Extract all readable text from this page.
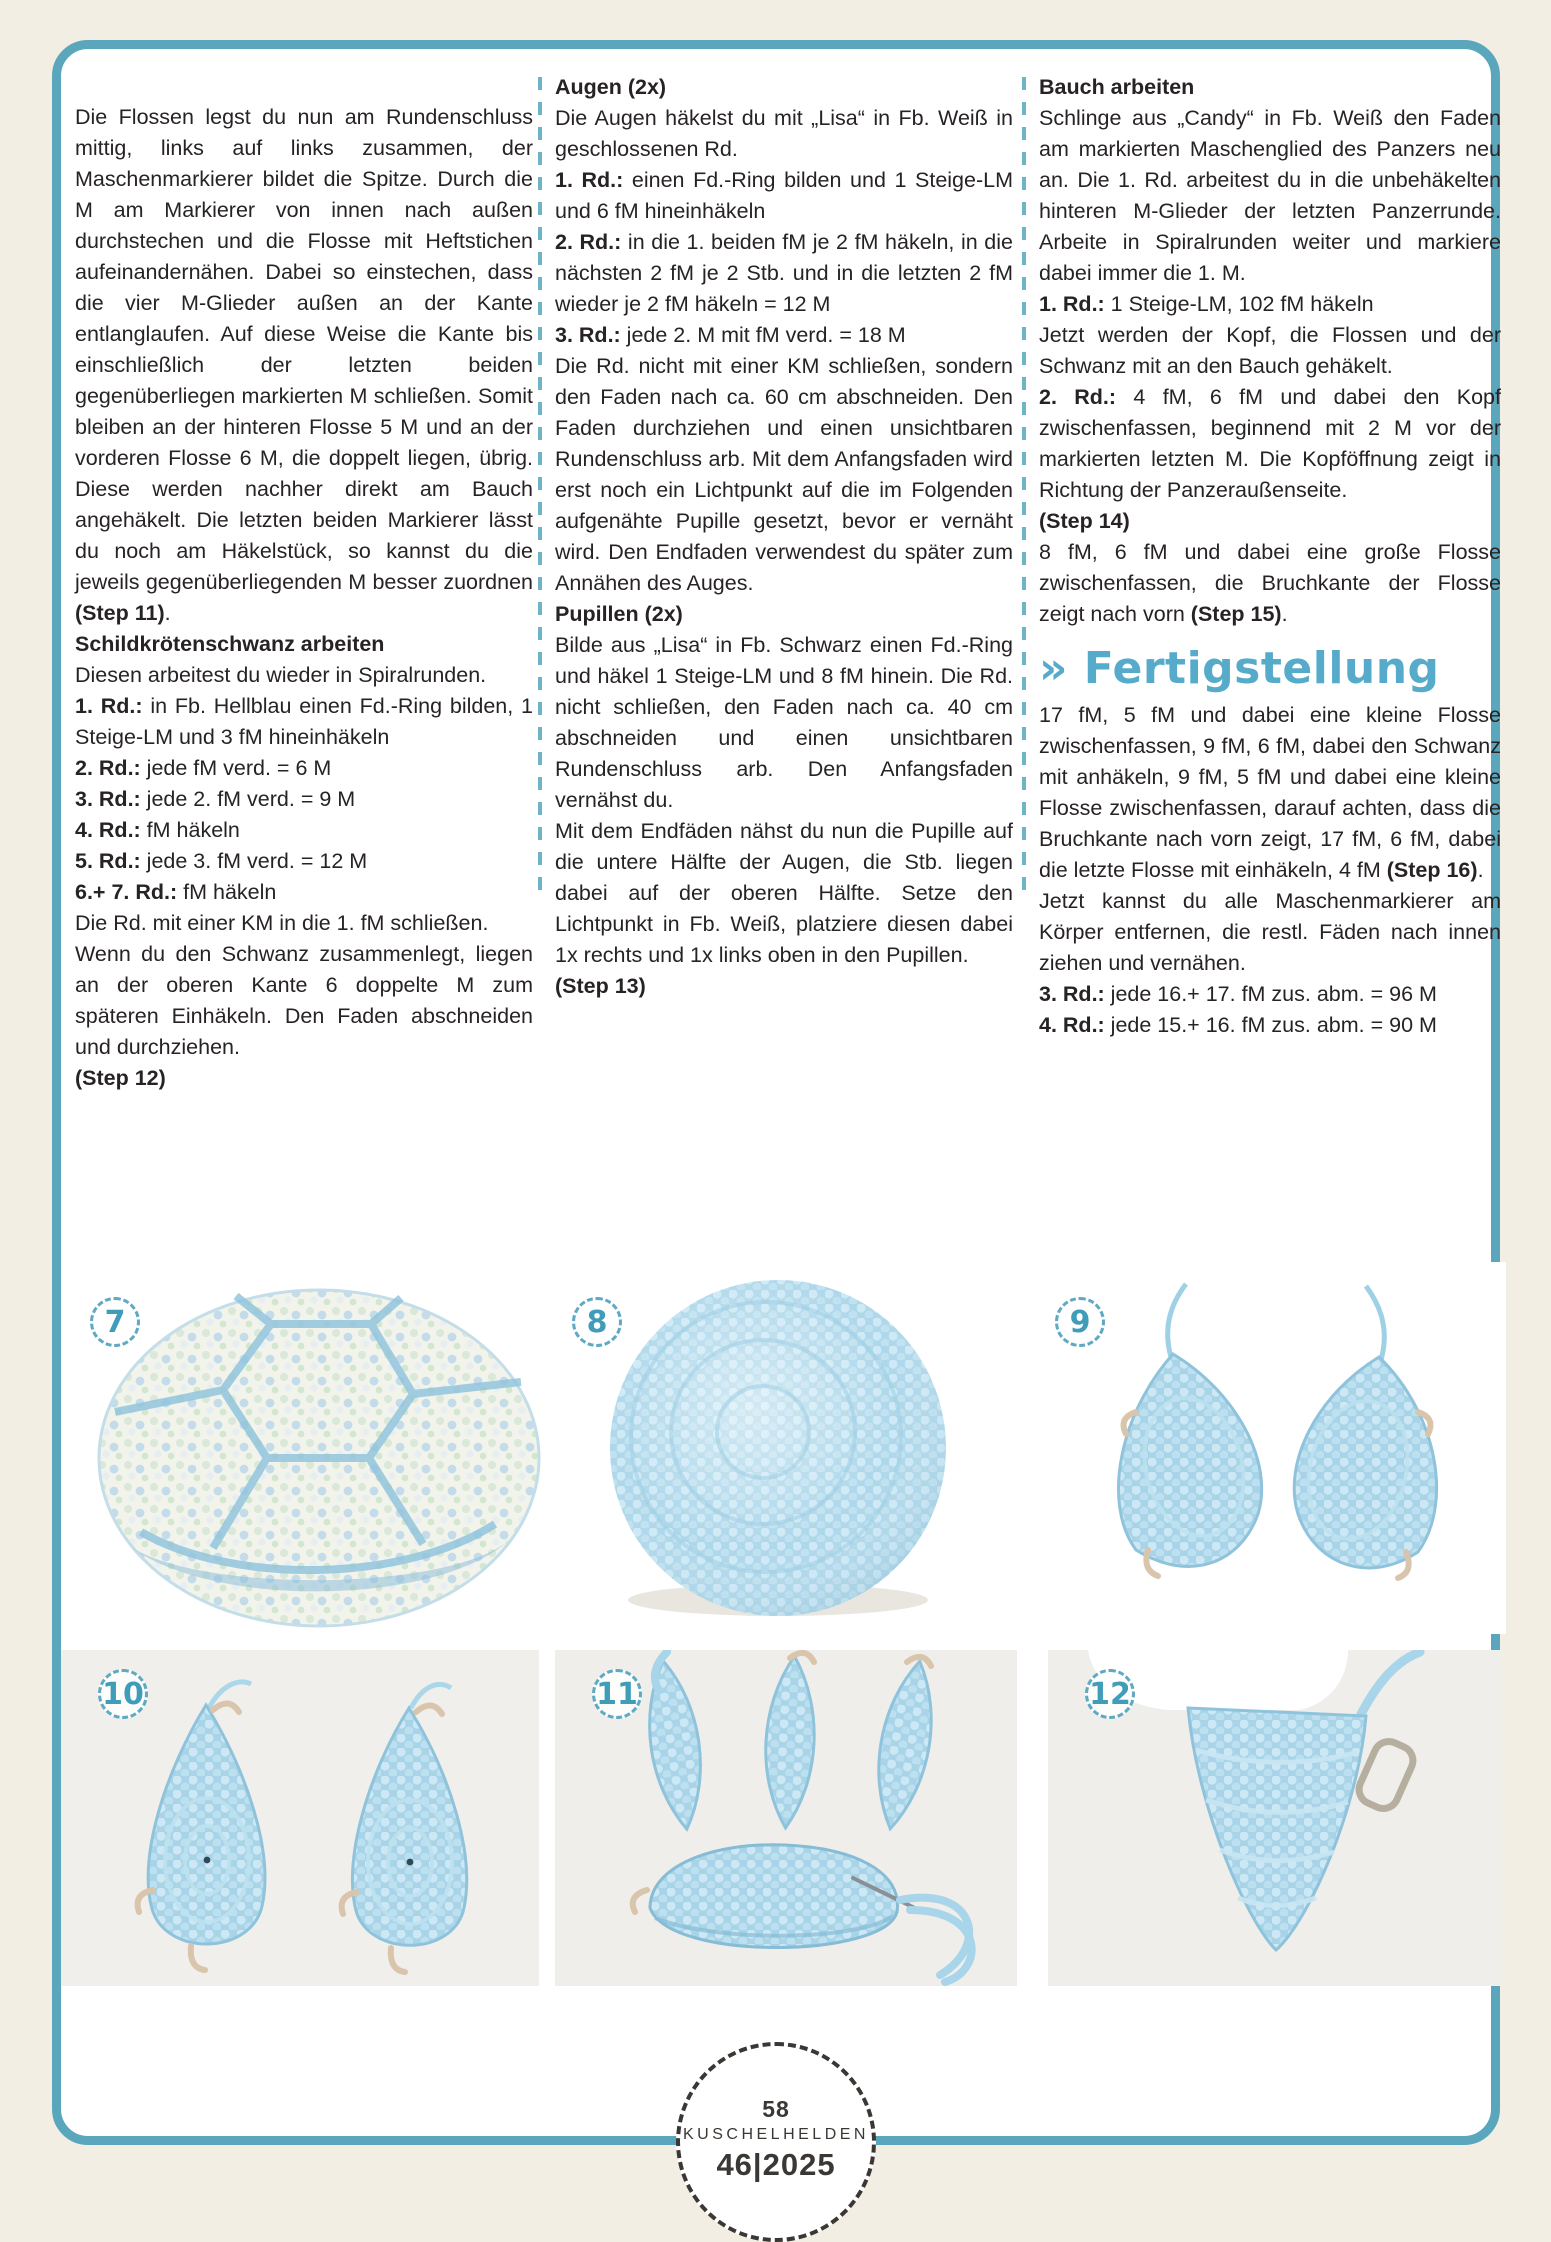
Die Flossen legst du nun am Rundenschluss mittig, links auf links zusammen, der Maschenmarkierer bildet die Spitze. Durch die M am Markierer von innen nach außen durchstechen und die Flosse mit Heftstichen aufeinandernähen. Dabei so einstechen, dass die vier M-Glieder außen an der Kante entlanglaufen. Auf diese Weise die Kante bis einschließlich der letzten beiden gegenüberliegen markierten M schließen. Somit bleiben an der hinteren Flosse 5 M und an der vorderen Flosse 6 M, die doppelt liegen, übrig. Diese werden nachher direkt am Bauch angehäkelt. Die letzten beiden Markierer lässt du noch am Häkelstück, so kannst du die jeweils gegenüberliegenden M besser zuordnen (Step 11).

Schildkrötenschwanz arbeiten

Diesen arbeitest du wieder in Spiralrunden.

1. Rd.: in Fb. Hellblau einen Fd.-Ring bilden, 1 Steige-LM und 3 fM hineinhäkeln

2. Rd.: jede fM verd. = 6 M

3. Rd.: jede 2. fM verd. = 9 M

4. Rd.: fM häkeln

5. Rd.: jede 3. fM verd. = 12 M

6.+ 7. Rd.: fM häkeln

Die Rd. mit einer KM in die 1. fM schließen.

Wenn du den Schwanz zusammenlegt, liegen an der oberen Kante 6 doppelte M zum späteren Einhäkeln. Den Faden abschneiden und durchziehen.

(Step 12)

Augen (2x)

Die Augen häkelst du mit „Lisa“ in Fb. Weiß in geschlossenen Rd.

1. Rd.: einen Fd.-Ring bilden und 1 Steige-LM und 6 fM hineinhäkeln

2. Rd.: in die 1. beiden fM je 2 fM häkeln, in die nächsten 2 fM je 2 Stb. und in die letzten 2 fM wieder je 2 fM häkeln = 12 M

3. Rd.: jede 2. M mit fM verd. = 18 M

Die Rd. nicht mit einer KM schließen, sondern den Faden nach ca. 60 cm abschneiden. Den Faden durchziehen und einen unsichtbaren Rundenschluss arb. Mit dem Anfangsfaden wird erst noch ein Lichtpunkt auf die im Folgenden aufgenähte Pupille gesetzt, bevor er vernäht wird. Den Endfaden verwendest du später zum Annähen des Auges.

Pupillen (2x)

Bilde aus „Lisa“ in Fb. Schwarz einen Fd.-Ring und häkel 1 Steige-LM und 8 fM hinein. Die Rd. nicht schließen, den Faden nach ca. 40 cm abschneiden und einen unsichtbaren Rundenschluss arb. Den Anfangsfaden vernähst du.

Mit dem Endfäden nähst du nun die Pupille auf die untere Hälfte der Augen, die Stb. liegen dabei auf der oberen Hälfte. Setze den Lichtpunkt in Fb. Weiß, platziere diesen dabei 1x rechts und 1x links oben in den Pupillen.

(Step 13)

Bauch arbeiten

Schlinge aus „Candy“ in Fb. Weiß den Faden am markierten Maschenglied des Panzers neu an. Die 1. Rd. arbeitest du in die unbehäkelten hinteren M-Glieder der letzten Panzerrunde. Arbeite in Spiralrunden weiter und markiere dabei immer die 1. M.

1. Rd.: 1 Steige-LM, 102 fM häkeln

Jetzt werden der Kopf, die Flossen und der Schwanz mit an den Bauch gehäkelt.

2. Rd.: 4 fM, 6 fM und dabei den Kopf zwischenfassen, beginnend mit 2 M vor der markierten letzten M. Die Kopföffnung zeigt in Richtung der Panzeraußenseite.

(Step 14)

8 fM, 6 fM und dabei eine große Flosse zwischenfassen, die Bruchkante der Flosse zeigt nach vorn (Step 15).

» Fertigstellung

17 fM, 5 fM und dabei eine kleine Flosse zwischenfassen, 9 fM, 6 fM, dabei den Schwanz mit anhäkeln, 9 fM, 5 fM und dabei eine kleine Flosse zwischenfassen, darauf achten, dass die Bruchkante nach vorn zeigt, 17 fM, 6 fM, dabei die letzte Flosse mit einhäkeln, 4 fM (Step 16).

Jetzt kannst du alle Maschenmarkierer am Körper entfernen, die restl. Fäden nach innen ziehen und vernähen.

3. Rd.: jede 16.+ 17. fM zus. abm. = 96 M

4. Rd.: jede 15.+ 16. fM zus. abm. = 90 M

7	8	9
10	11	12
58
KUSCHELHELDEN
46|2025
